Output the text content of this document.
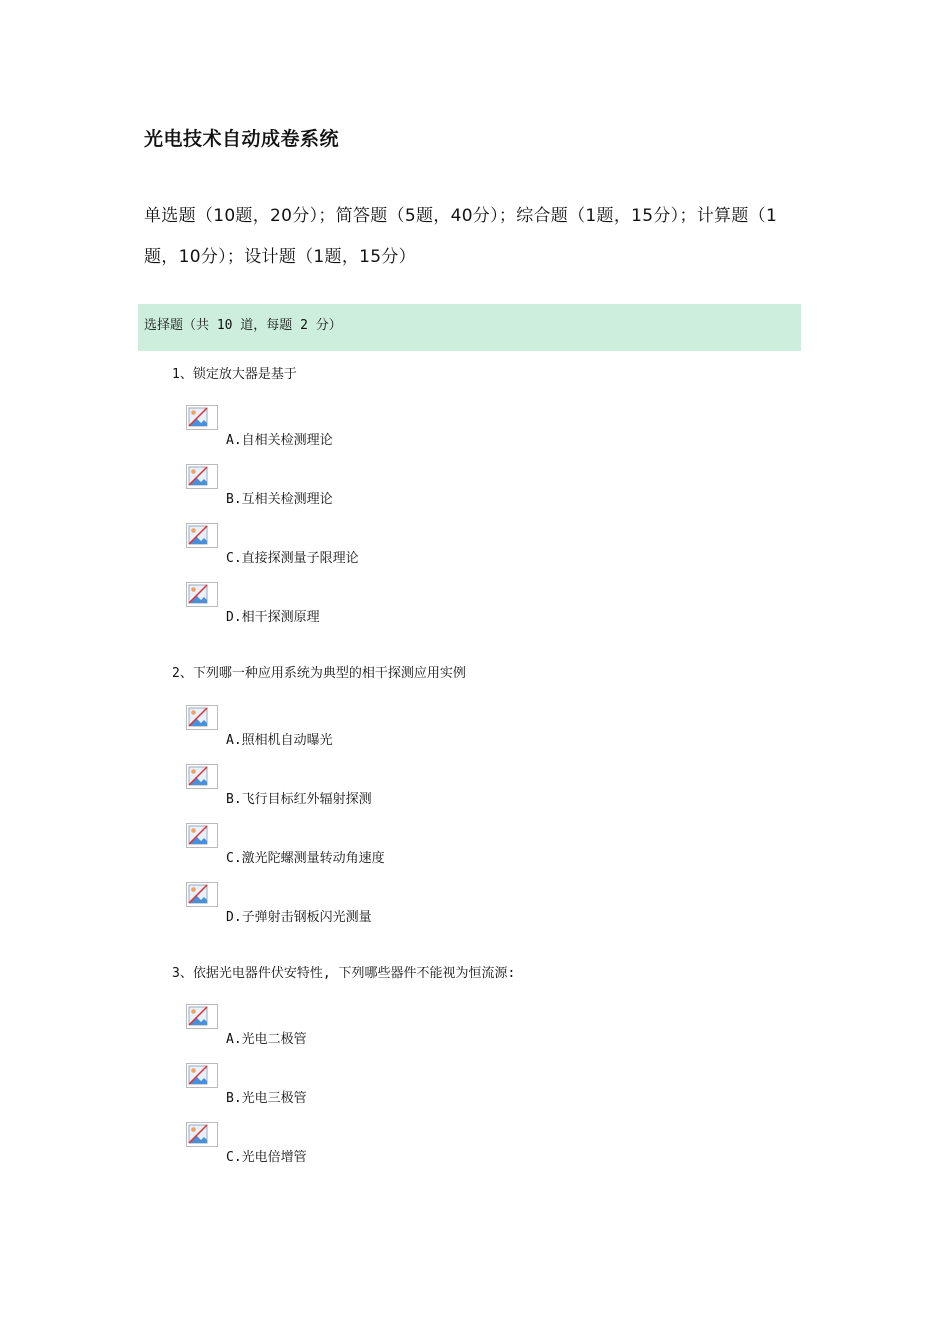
光电技术自动成卷系统
单选题（10题，20分）；简答题（5题，40分）；综合题（1题，15分）；计算题（1题，10分）；设计题（1题，15分）
选择题（共 10 道，每题 2 分）
1、锁定放大器是基于
A.自相关检测理论
B.互相关检测理论
C.直接探测量子限理论
D.相干探测原理
2、下列哪一种应用系统为典型的相干探测应用实例
A.照相机自动曝光
B.飞行目标红外辐射探测
C.激光陀螺测量转动角速度
D.子弹射击钢板闪光测量
3、依据光电器件伏安特性, 下列哪些器件不能视为恒流源:
A.光电二极管
B.光电三极管
C.光电倍增管
